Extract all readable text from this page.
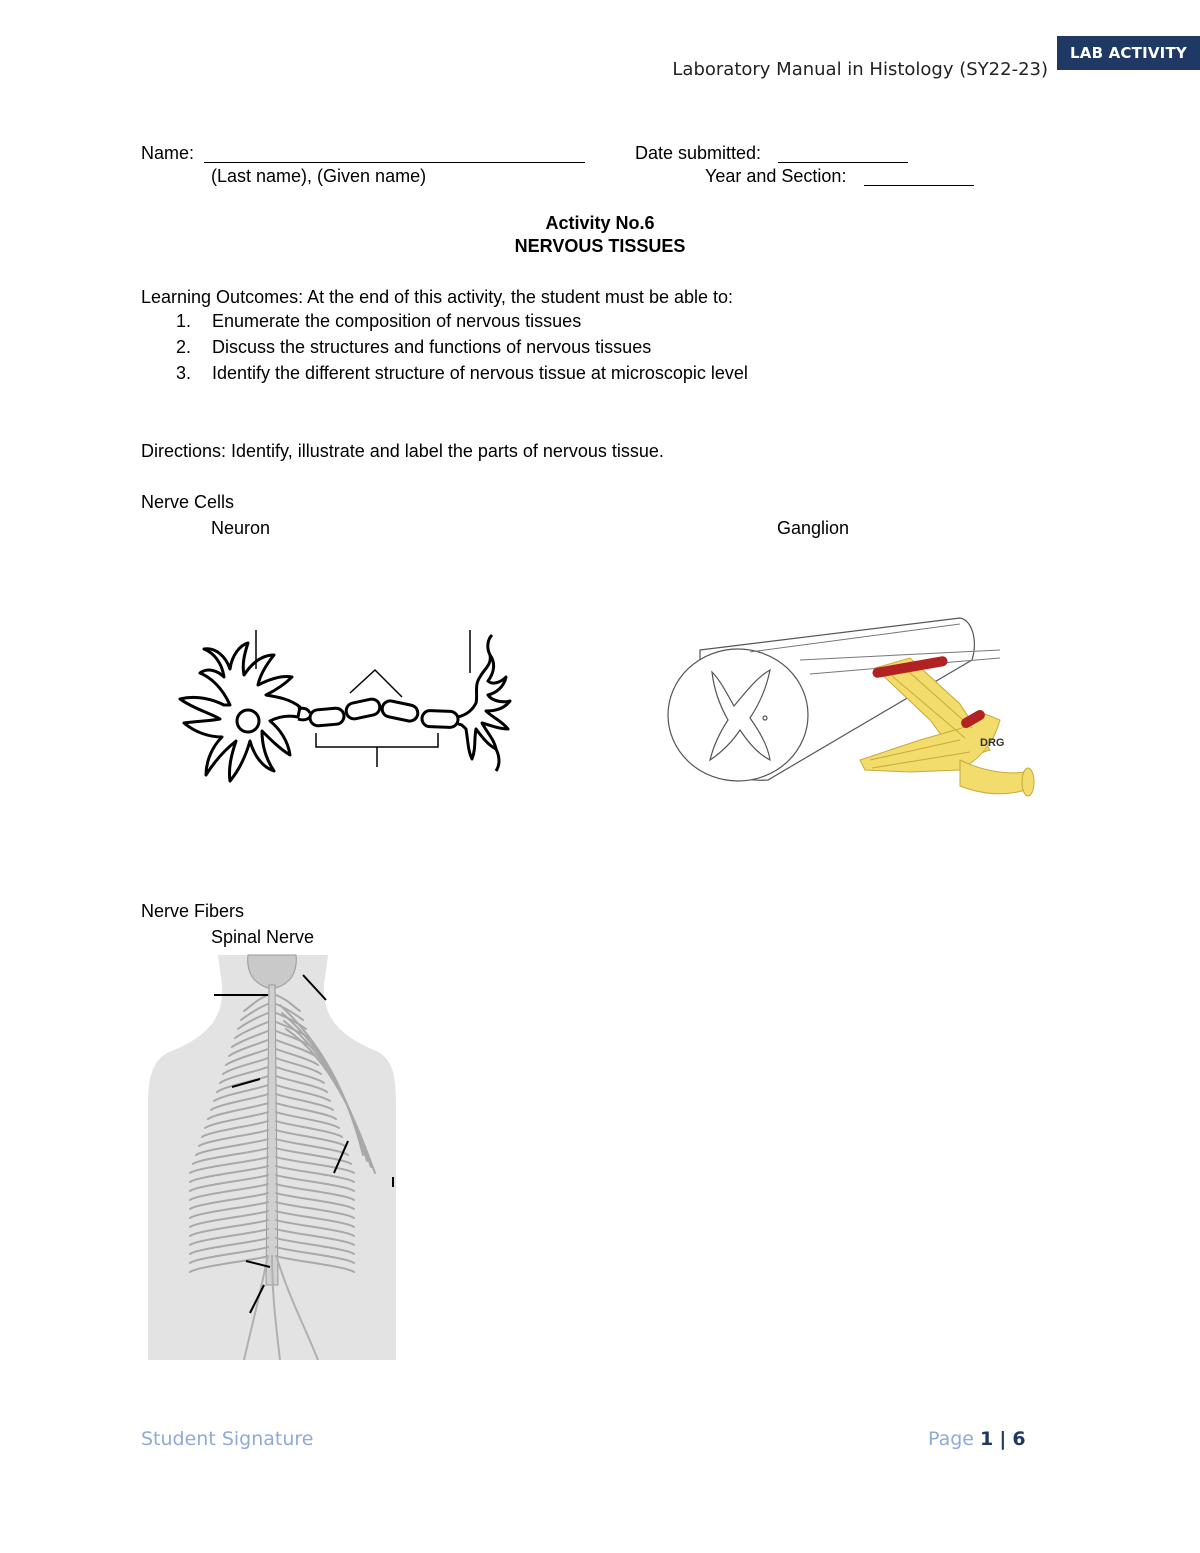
LAB ACTIVITY
Laboratory Manual in Histology (SY22-23)
Name:
(Last name), (Given name)
Date submitted:
Year and Section:
Activity No.6
NERVOUS TISSUES
Learning Outcomes: At the end of this activity, the student must be able to:
1. Enumerate the composition of nervous tissues
2. Discuss the structures and functions of nervous tissues
3. Identify the different structure of nervous tissue at microscopic level
Directions: Identify, illustrate and label the parts of nervous tissue.
Nerve Cells
Neuron	Ganglion
DRG
Nerve Fibers
Spinal Nerve
Student Signature	Page 1 | 6
